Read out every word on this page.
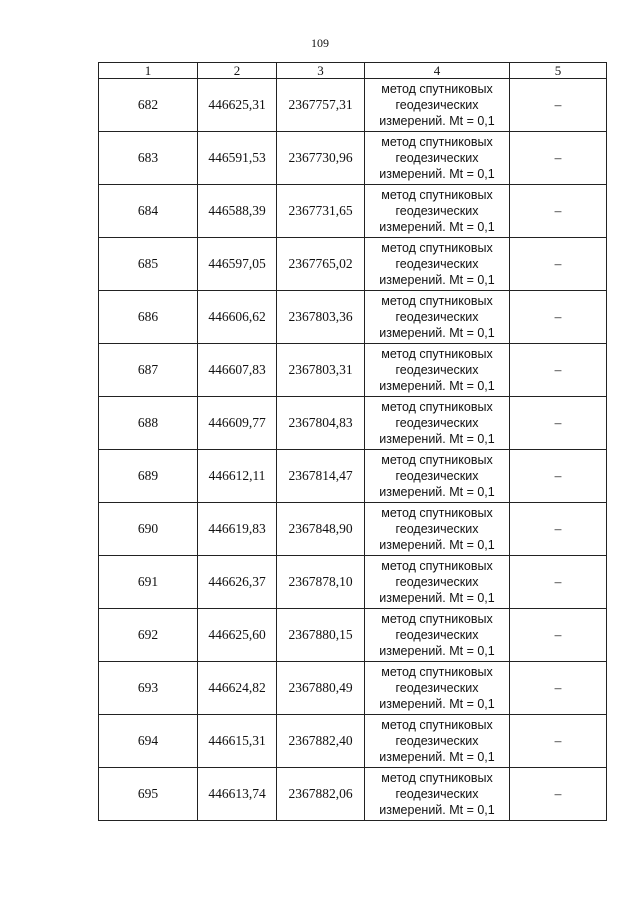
109
1	2	3	4	5
682	446625,31	2367757,31	метод спутниковых
геодезических
измерений. Mt = 0,1	–
683	446591,53	2367730,96	метод спутниковых
геодезических
измерений. Mt = 0,1	–
684	446588,39	2367731,65	метод спутниковых
геодезических
измерений. Mt = 0,1	–
685	446597,05	2367765,02	метод спутниковых
геодезических
измерений. Mt = 0,1	–
686	446606,62	2367803,36	метод спутниковых
геодезических
измерений. Mt = 0,1	–
687	446607,83	2367803,31	метод спутниковых
геодезических
измерений. Mt = 0,1	–
688	446609,77	2367804,83	метод спутниковых
геодезических
измерений. Mt = 0,1	–
689	446612,11	2367814,47	метод спутниковых
геодезических
измерений. Mt = 0,1	–
690	446619,83	2367848,90	метод спутниковых
геодезических
измерений. Mt = 0,1	–
691	446626,37	2367878,10	метод спутниковых
геодезических
измерений. Mt = 0,1	–
692	446625,60	2367880,15	метод спутниковых
геодезических
измерений. Mt = 0,1	–
693	446624,82	2367880,49	метод спутниковых
геодезических
измерений. Mt = 0,1	–
694	446615,31	2367882,40	метод спутниковых
геодезических
измерений. Mt = 0,1	–
695	446613,74	2367882,06	метод спутниковых
геодезических
измерений. Mt = 0,1	–
